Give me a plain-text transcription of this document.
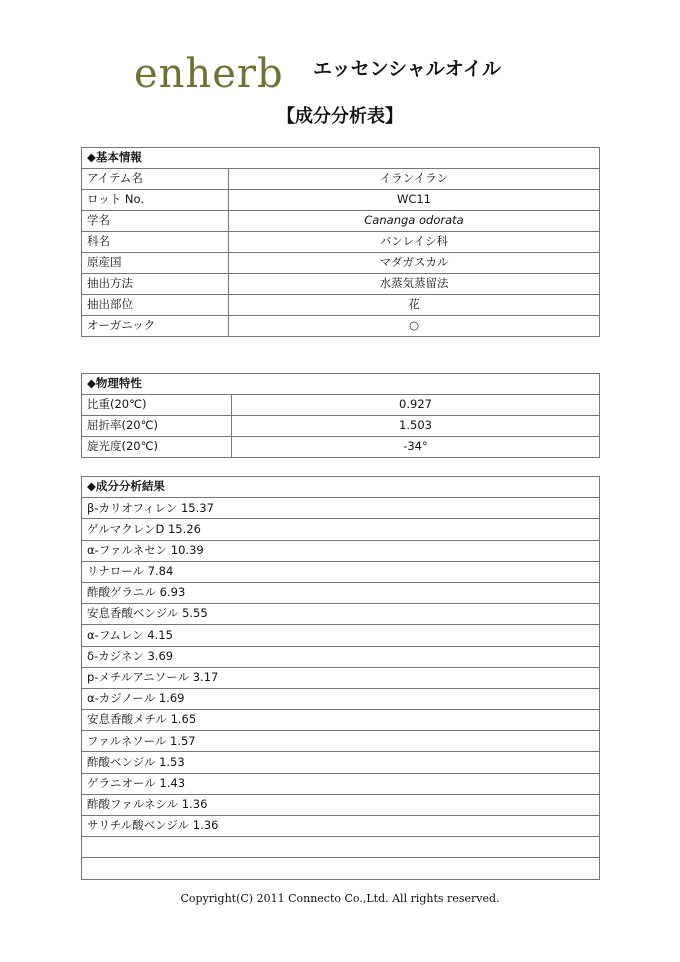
enherb エッセンシャルオイル
【成分分析表】
◆基本情報	
アイテム名	イランイラン
ロット No.	WC11
学名	Cananga odorata
科名	バンレイシ科
原産国	マダガスカル
抽出方法	水蒸気蒸留法
抽出部位	花
オーガニック	○
◆物理特性	
比重(20℃)	0.927
屈折率(20℃)	1.503
旋光度(20℃)	-34°
◆成分分析結果
β-カリオフィレン 15.37
ゲルマクレンD 15.26
α-ファルネセン 10.39
リナロール 7.84
酢酸ゲラニル 6.93
安息香酸ベンジル 5.55
α-フムレン 4.15
δ-カジネン 3.69
p-メチルアニソール 3.17
α-カジノール 1.69
安息香酸メチル 1.65
ファルネソール 1.57
酢酸ベンジル 1.53
ゲラニオール 1.43
酢酸ファルネシル 1.36
サリチル酸ベンジル 1.36

Copyright(C) 2011 Connecto Co.,Ltd. All rights reserved.
